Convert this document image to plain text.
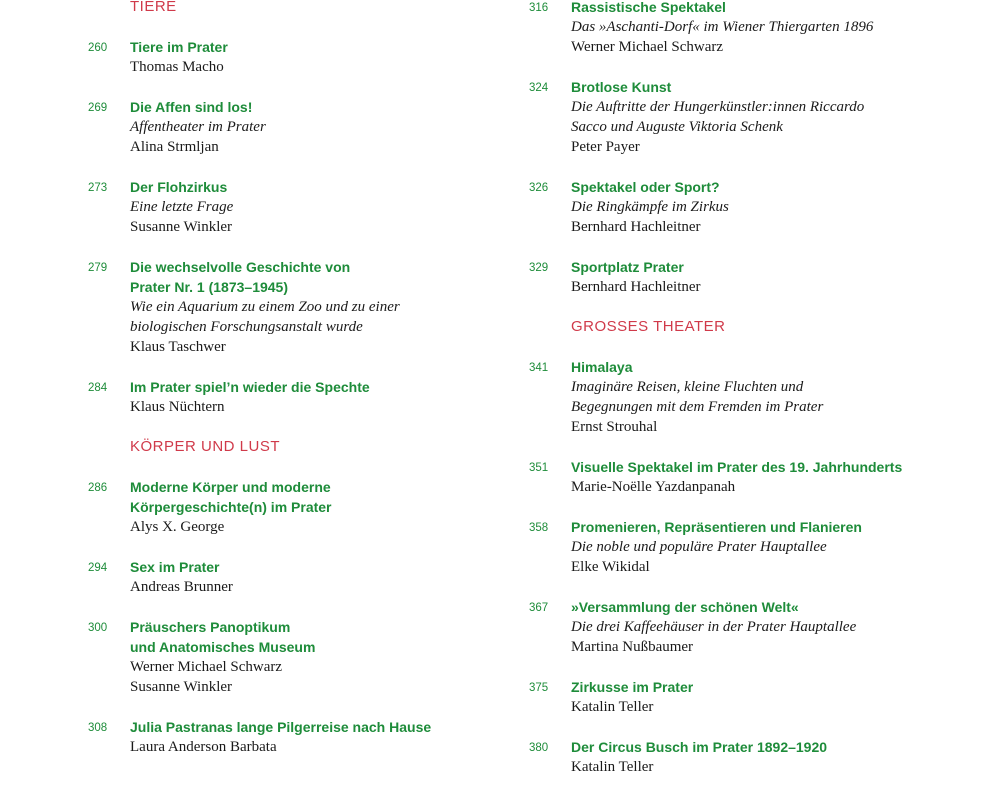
TIERE
260	Tiere im Prater
Thomas Macho
269	Die Affen sind los!
Affentheater im Prater
Alina Strmljan
273	Der Flohzirkus
Eine letzte Frage
Susanne Winkler
279	Die wechselvolle Geschichte von
Prater Nr. 1 (1873–1945)
Wie ein Aquarium zu einem Zoo und zu einer
biologischen Forschungsanstalt wurde
Klaus Taschwer
284	Im Prater spiel’n wieder die Spechte
Klaus Nüchtern
KÖRPER UND LUST
286	Moderne Körper und moderne
Körpergeschichte(n) im Prater
Alys X. George
294	Sex im Prater
Andreas Brunner
300	Präuschers Panoptikum
und Anatomisches Museum
Werner Michael Schwarz
Susanne Winkler
308	Julia Pastranas lange Pilgerreise nach Hause
Laura Anderson Barbata
316	Rassistische Spektakel
Das »Aschanti-Dorf« im Wiener Thiergarten 1896
Werner Michael Schwarz
324	Brotlose Kunst
Die Auftritte der Hungerkünstler:innen Riccardo
Sacco und Auguste Viktoria Schenk
Peter Payer
326	Spektakel oder Sport?
Die Ringkämpfe im Zirkus
Bernhard Hachleitner
329	Sportplatz Prater
Bernhard Hachleitner
GROSSES THEATER
341	Himalaya
Imaginäre Reisen, kleine Fluchten und
Begegnungen mit dem Fremden im Prater
Ernst Strouhal
351	Visuelle Spektakel im Prater des 19. Jahrhunderts
Marie-Noëlle Yazdanpanah
358	Promenieren, Repräsentieren und Flanieren
Die noble und populäre Prater Hauptallee
Elke Wikidal
367	»Versammlung der schönen Welt«
Die drei Kaffeehäuser in der Prater Hauptallee
Martina Nußbaumer
375	Zirkusse im Prater
Katalin Teller
380	Der Circus Busch im Prater 1892–1920
Katalin Teller
